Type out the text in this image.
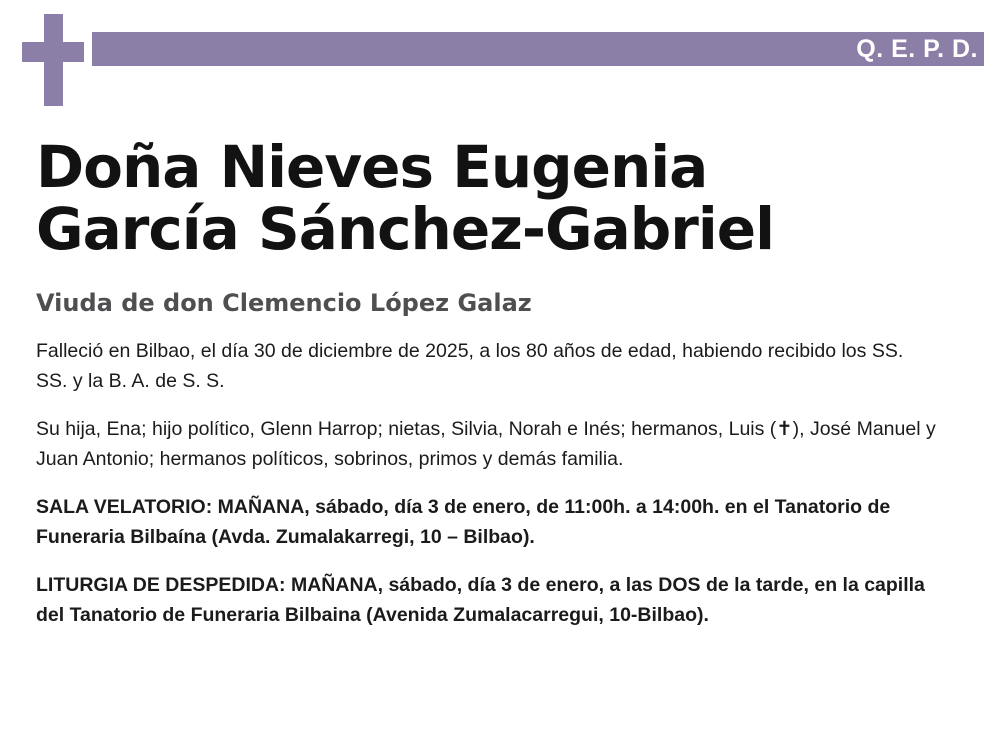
Q. E. P. D.
Doña Nieves Eugenia
García Sánchez-Gabriel
Viuda de don Clemencio López Galaz

Falleció en Bilbao, el día 30 de diciembre de 2025, a los 80 años de edad, habiendo recibido los SS. SS. y la B. A. de S. S.

Su hija, Ena; hijo político, Glenn Harrop; nietas, Silvia, Norah e Inés; hermanos, Luis (✝), José Manuel y Juan Antonio; hermanos políticos, sobrinos, primos y demás familia.

SALA VELATORIO: MAÑANA, sábado, día 3 de enero, de 11:00h. a 14:00h. en el Tanatorio de Funeraria Bilbaína (Avda. Zumalakarregi, 10 – Bilbao).

LITURGIA DE DESPEDIDA: MAÑANA, sábado, día 3 de enero, a las DOS de la tarde, en la capilla del Tanatorio de Funeraria Bilbaina (Avenida Zumalacarregui, 10-Bilbao).
